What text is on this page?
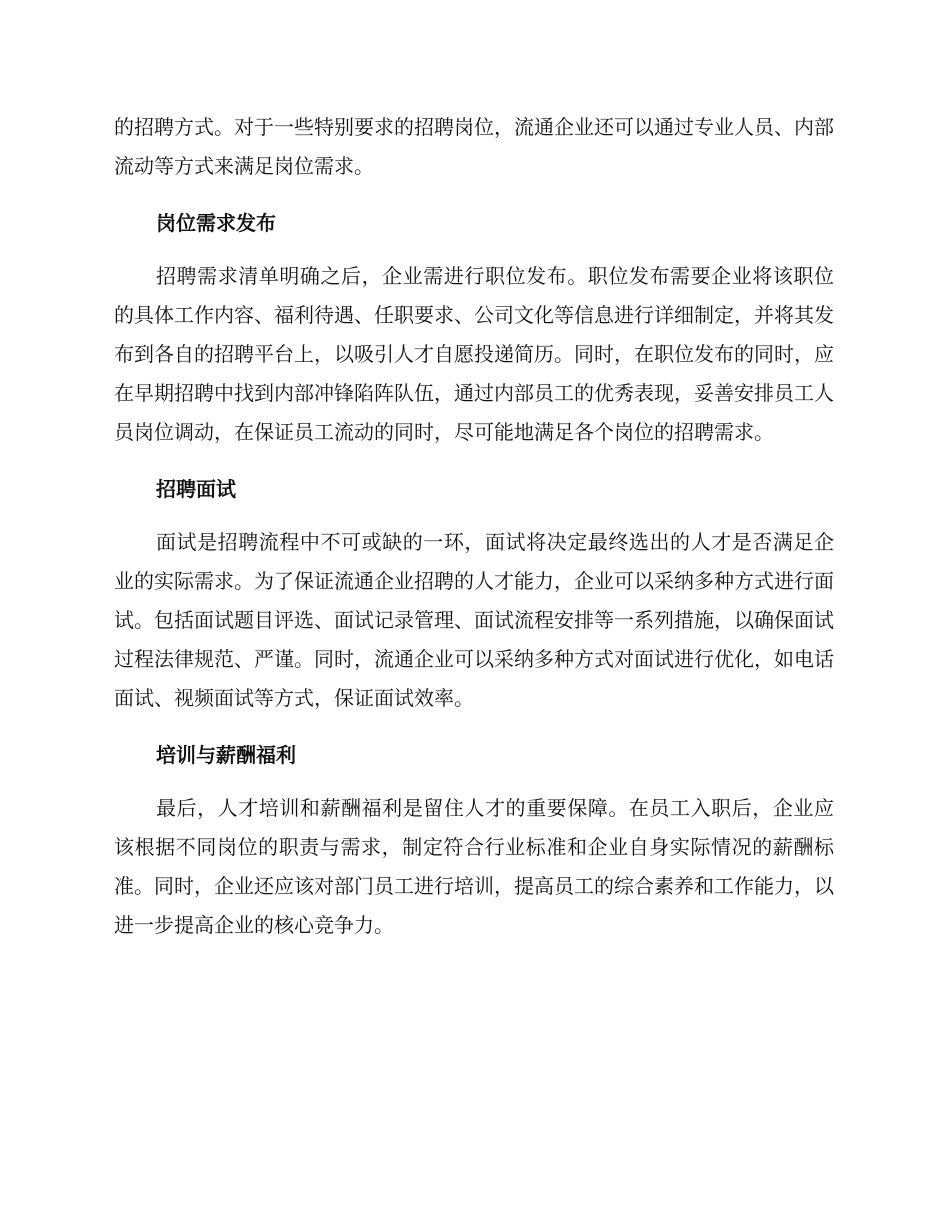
的招聘方式。对于一些特别要求的招聘岗位，流通企业还可以通过专业人员、内部流动等方式来满足岗位需求。

岗位需求发布

招聘需求清单明确之后，企业需进行职位发布。职位发布需要企业将该职位的具体工作内容、福利待遇、任职要求、公司文化等信息进行详细制定，并将其发布到各自的招聘平台上，以吸引人才自愿投递简历。同时，在职位发布的同时，应在早期招聘中找到内部冲锋陷阵队伍，通过内部员工的优秀表现，妥善安排员工人员岗位调动，在保证员工流动的同时，尽可能地满足各个岗位的招聘需求。

招聘面试

面试是招聘流程中不可或缺的一环，面试将决定最终选出的人才是否满足企业的实际需求。为了保证流通企业招聘的人才能力，企业可以采纳多种方式进行面试。包括面试题目评选、面试记录管理、面试流程安排等一系列措施，以确保面试过程法律规范、严谨。同时，流通企业可以采纳多种方式对面试进行优化，如电话面试、视频面试等方式，保证面试效率。

培训与薪酬福利

最后，人才培训和薪酬福利是留住人才的重要保障。在员工入职后，企业应该根据不同岗位的职责与需求，制定符合行业标准和企业自身实际情况的薪酬标准。同时，企业还应该对部门员工进行培训，提高员工的综合素养和工作能力，以进一步提高企业的核心竞争力。
